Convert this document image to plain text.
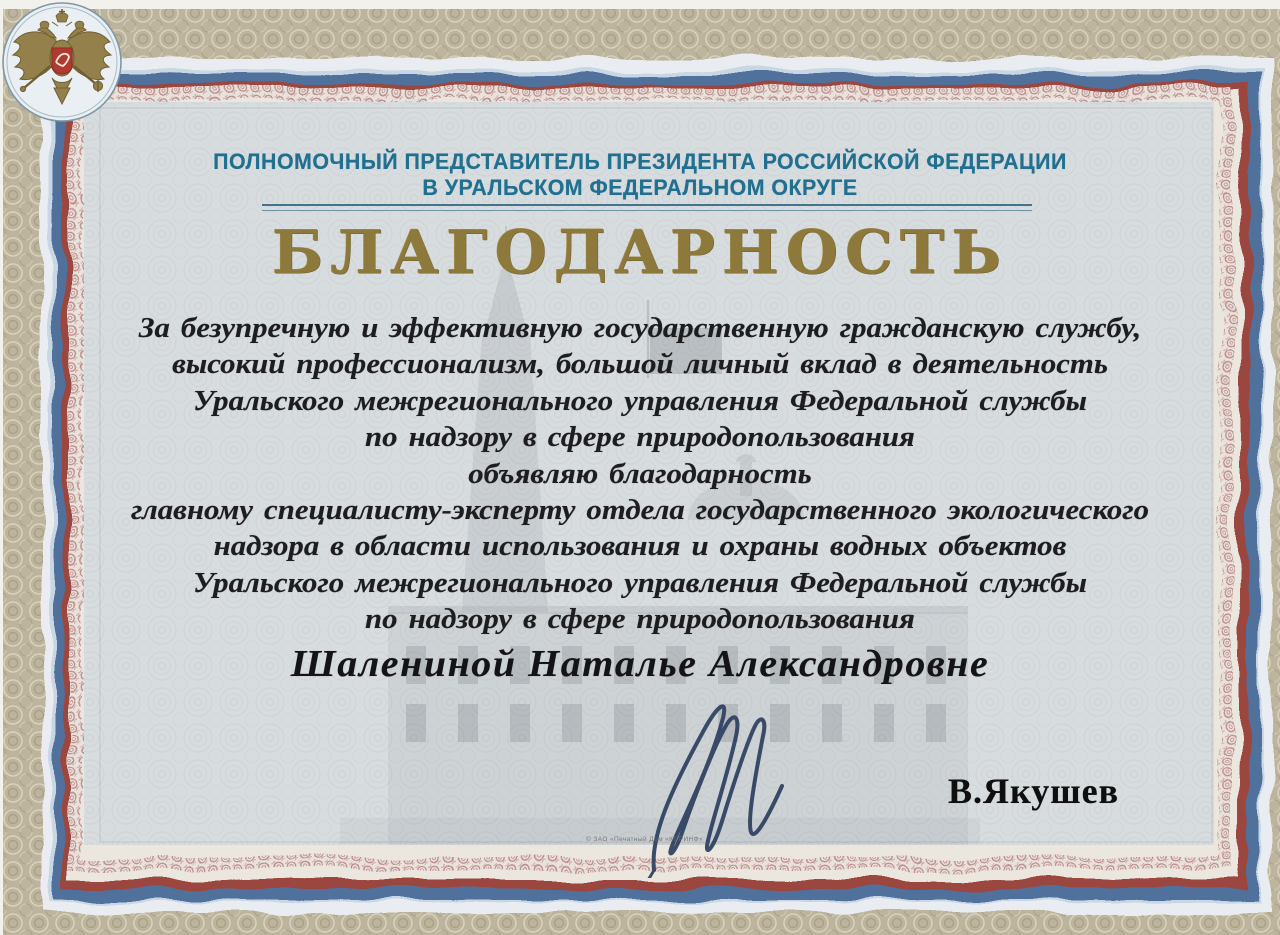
ПОЛНОМОЧНЫЙ ПРЕДСТАВИТЕЛЬ ПРЕЗИДЕНТА РОССИЙСКОЙ ФЕДЕРАЦИИ
В УРАЛЬСКОМ ФЕДЕРАЛЬНОМ ОКРУГЕ
БЛАГОДАРНОСТЬ
За безупречную и эффективную государственную гражданскую службу,
высокий профессионализм, большой личный вклад в деятельность
Уральского межрегионального управления Федеральной службы
по надзору в сфере природопользования
объявляю благодарность
главному специалисту-эксперту отдела государственного экологического
надзора в области использования и охраны водных объектов
Уральского межрегионального управления Федеральной службы
по надзору в сфере природопользования
Шалениной Наталье Александровне
В.Якушев
© ЗАО «Печатный Дом «КОРИНФ»
